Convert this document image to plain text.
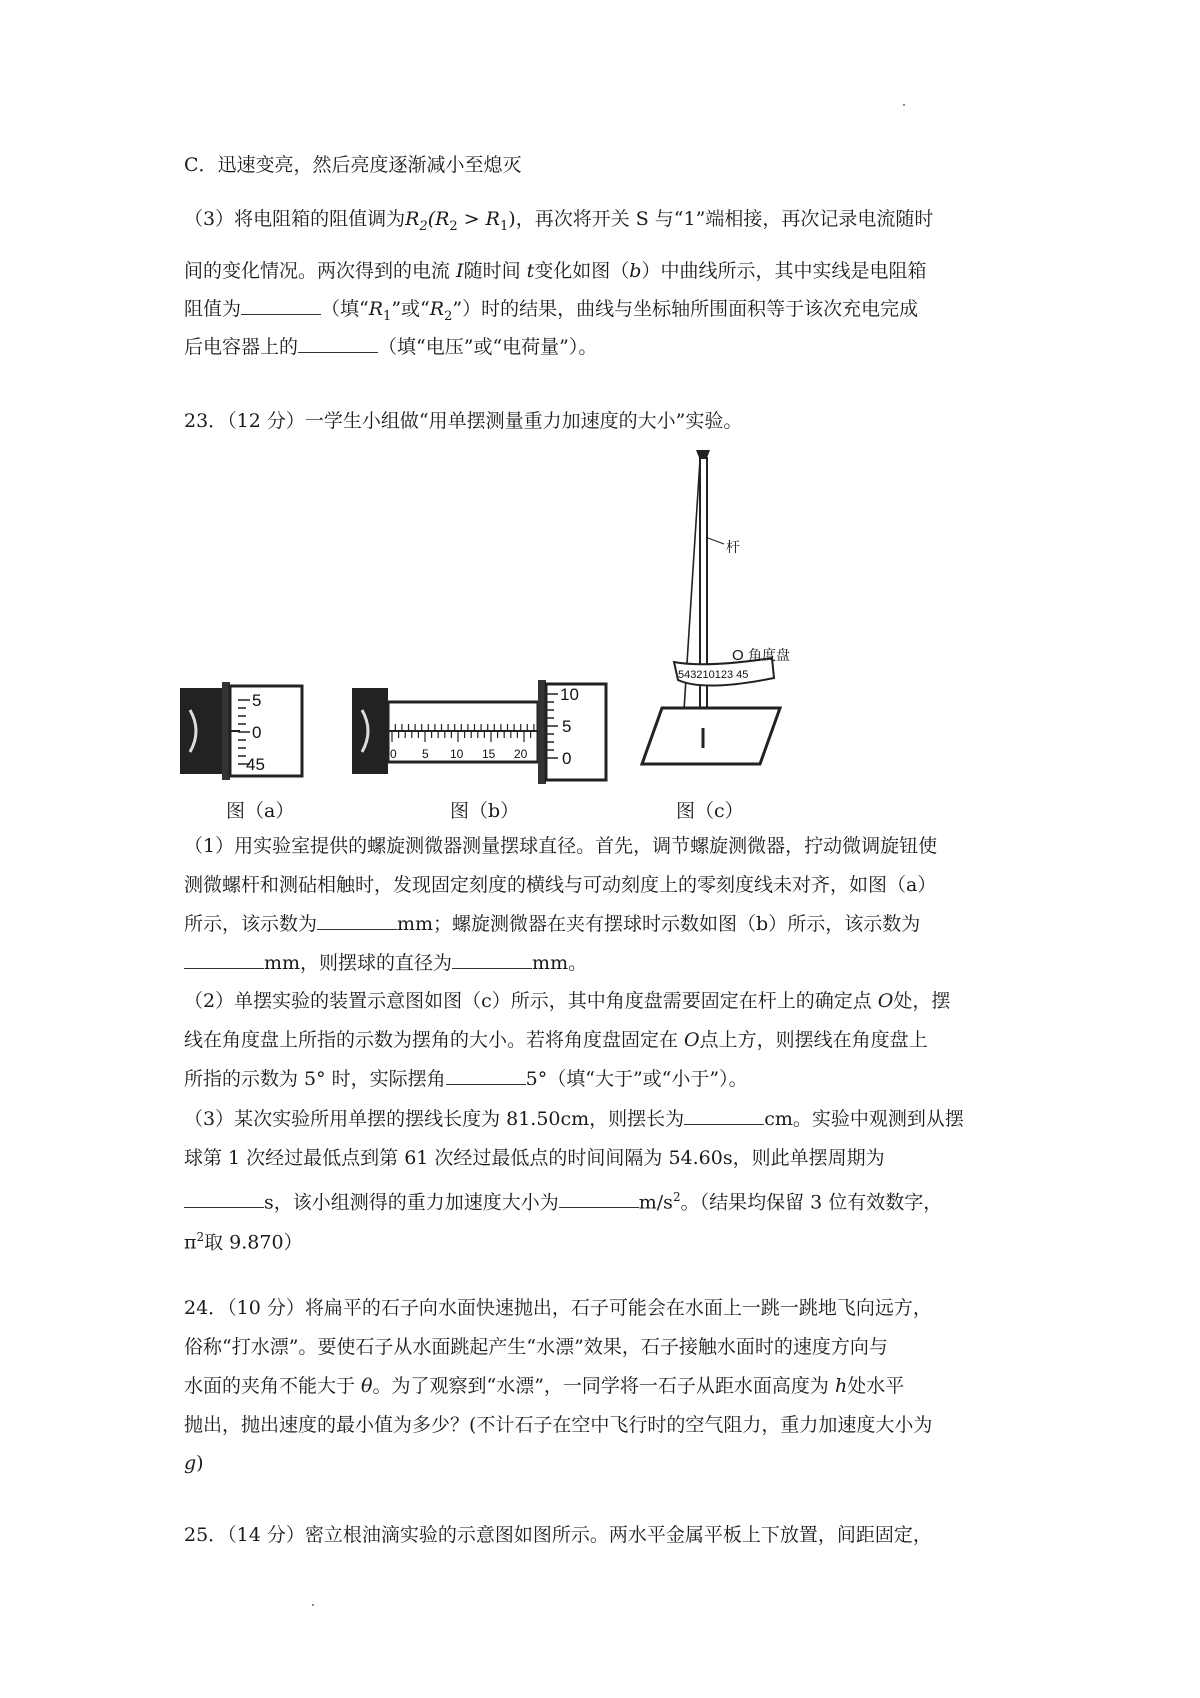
C．迅速变亮，然后亮度逐渐减小至熄灭
（3）将电阻箱的阻值调为$R_2(R_2 > R_1)$，再次将开关 S 与“1”端相接，再次记录电流随时
间的变化情况。两次得到的电流 I随时间 t变化如图（b）中曲线所示，其中实线是电阻箱
阻值为	（填“$R_1$”或“$R_2$”）时的结果，曲线与坐标轴所围面积等于该次充电完成
后电容器上的	（填“电压”或“电荷量”）。
23．（12 分）一学生小组做“用单摆测量重力加速度的大小”实验。
5
0
45
10
5
0
0 5 10 15 20
杆
543210123 45
O 角度盘
图（a）	图（b）	图（c）
（1）用实验室提供的螺旋测微器测量摆球直径。首先，调节螺旋测微器，拧动微调旋钮使
测微螺杆和测砧相触时，发现固定刻度的横线与可动刻度上的零刻度线未对齐，如图（a）
所示，该示数为	mm；螺旋测微器在夹有摆球时示数如图（b）所示，该示数为
mm，则摆球的直径为	mm。
（2）单摆实验的装置示意图如图（c）所示，其中角度盘需要固定在杆上的确定点 O处，摆
线在角度盘上所指的示数为摆角的大小。若将角度盘固定在 O点上方，则摆线在角度盘上
所指的示数为 5° 时，实际摆角	5°（填“大于”或“小于”）。
（3）某次实验所用单摆的摆线长度为 81.50cm，则摆长为	cm。实验中观测到从摆
球第 1 次经过最低点到第 61 次经过最低点的时间间隔为 54.60s，则此单摆周期为
s，该小组测得的重力加速度大小为	$m/s^2$。（结果均保留 3 位有效数字，
$\pi^2$取 9.870）
24．（10 分）将扁平的石子向水面快速抛出，石子可能会在水面上一跳一跳地飞向远方，
俗称“打水漂”。要使石子从水面跳起产生“水漂”效果，石子接触水面时的速度方向与
水面的夹角不能大于 θ。为了观察到“水漂”，一同学将一石子从距水面高度为 h处水平
抛出，抛出速度的最小值为多少？(不计石子在空中飞行时的空气阻力，重力加速度大小为
g)
25．（14 分）密立根油滴实验的示意图如图所示。两水平金属平板上下放置，间距固定，
